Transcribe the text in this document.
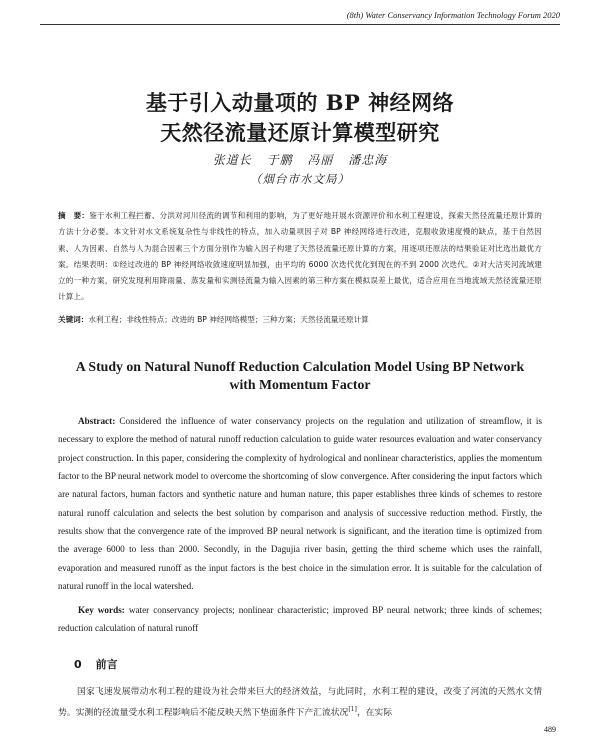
(8th) Water Conservancy Information Technology Forum 2020
基于引入动量项的 BP 神经网络
天然径流量还原计算模型研究
张道长 于鹏 冯丽 潘忠海
（烟台市水文局）

摘　要：鉴于水利工程拦蓄、分洪对河川径流的调节和利用的影响，为了更好地开展水资源评价和水利工程建设，探索天然径流量还原计算的方法十分必要。本文针对水文系统复杂性与非线性的特点，加入动量项因子对 BP 神经网络进行改进，克服收敛速度慢的缺点，基于自然因素、人为因素、自然与人为混合因素三个方面分别作为输入因子构建了天然径流量还原计算的方案，用逐项还原法的结果验证对比选出最优方案。结果表明：①经过改进的 BP 神经网络收敛速度明显加强，由平均的 6000 次迭代优化到现在的不到 2000 次迭代。②对大沽夹河流域建立的一种方案，研究发现利用降雨量、蒸发量和实测径流量为输入因素的第三种方案在模拟误差上最优，适合应用在当地流域天然径流量还原计算上。

关键词：水利工程；非线性特点；改进的 BP 神经网络模型；三种方案；天然径流量还原计算

A Study on Natural Nunoff Reduction Calculation Model Using BP Network
with Momentum Factor

Abstract: Considered the influence of water conservancy projects on the regulation and utilization of streamflow, it is necessary to explore the method of natural runoff reduction calculation to guide water resources evaluation and water conservancy project construction. In this paper, considering the complexity of hydrological and nonlinear characteristics, applies the momentum factor to the BP neural network model to overcome the shortcoming of slow convergence. After considering the input factors which are natural factors, human factors and synthetic nature and human nature, this paper establishes three kinds of schemes to restore natural runoff calculation and selects the best solution by comparison and analysis of successive reduction method. Firstly, the results show that the convergence rate of the improved BP neural network is significant, and the iteration time is optimized from the average 6000 to less than 2000. Secondly, in the Dagujia river basin, getting the third scheme which uses the rainfall, evaporation and measured runoff as the input factors is the best choice in the simulation error. It is suitable for the calculation of natural runoff in the local watershed.

Key words: water conservancy projects; nonlinear characteristic; improved BP neural network; three kinds of schemes; reduction calculation of natural runoff

0 前言

国家飞速发展带动水利工程的建设为社会带来巨大的经济效益，与此同时，水利工程的建设，改变了河流的天然水文情势。实测的径流量受水利工程影响后不能反映天然下垫面条件下产汇流状况[1]，在实际

489
